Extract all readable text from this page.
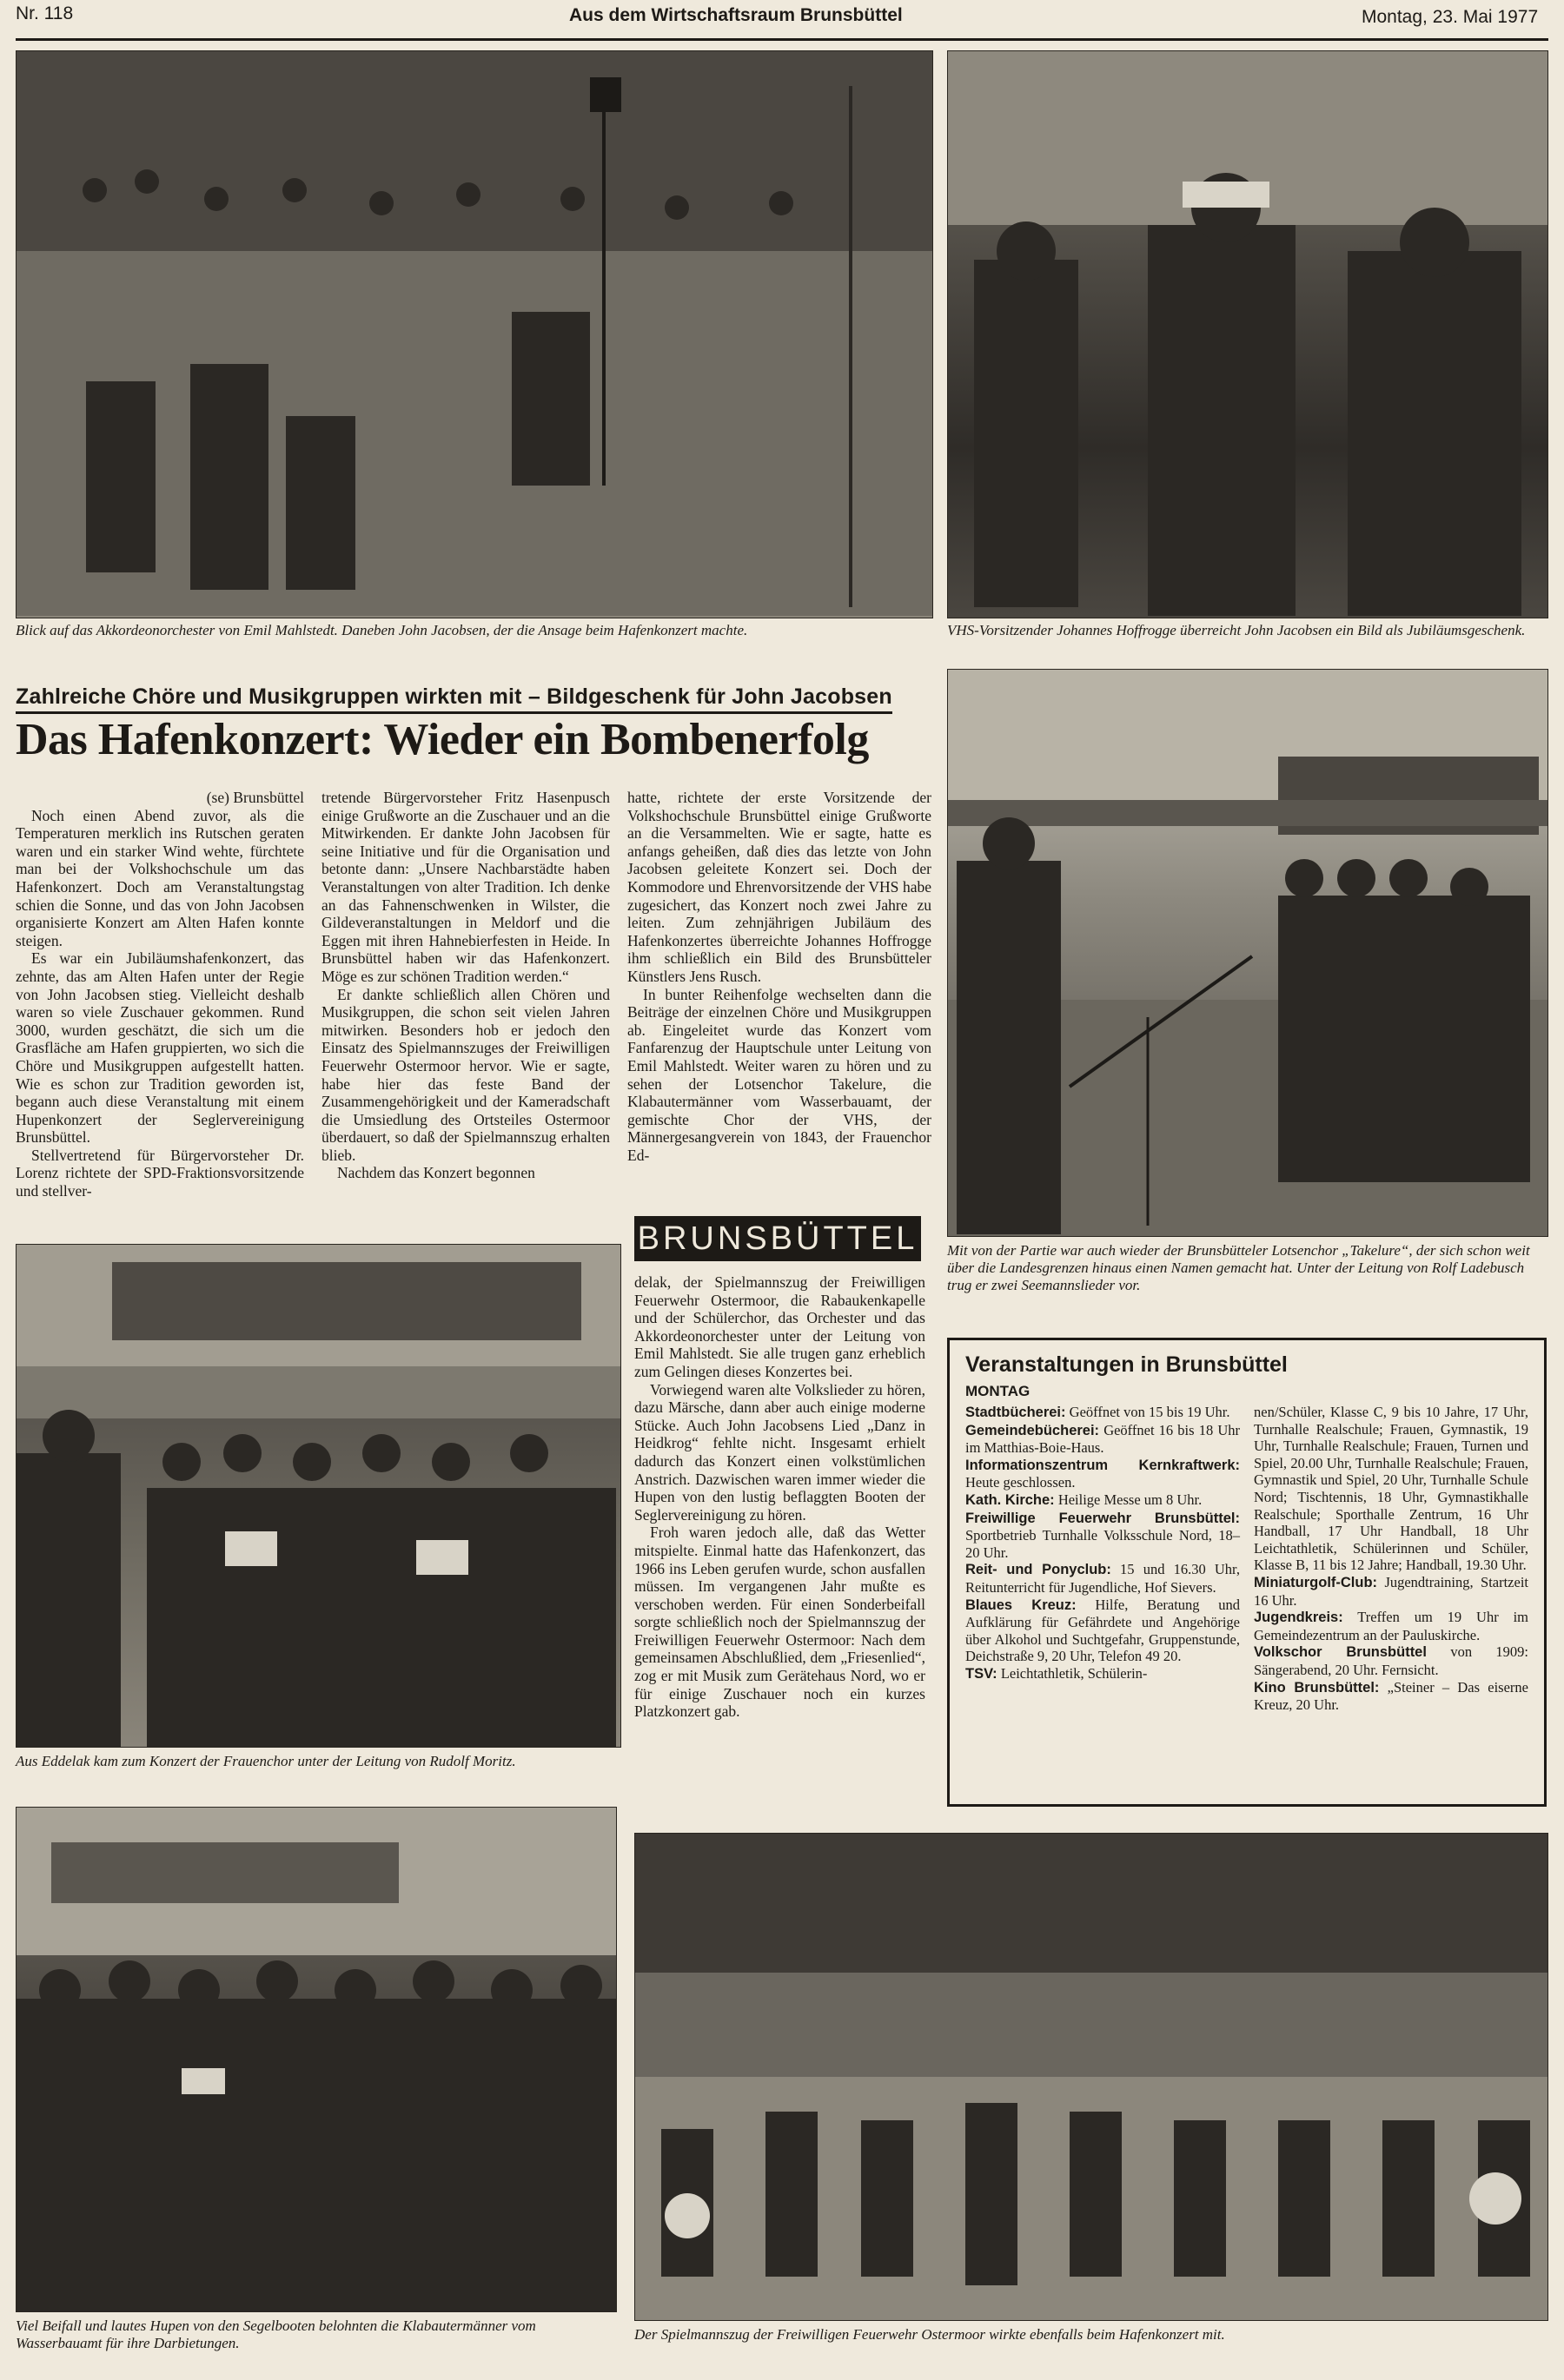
Nr. 118	Aus dem Wirtschaftsraum Brunsbüttel	Montag, 23. Mai 1977
Blick auf das Akkordeonorchester von Emil Mahlstedt. Daneben John Jacobsen, der die Ansage beim Hafenkonzert machte.	VHS-Vorsitzender Johannes Hoffrogge überreicht John Jacobsen ein Bild als Jubiläumsgeschenk.
Zahlreiche Chöre und Musikgruppen wirkten mit – Bildgeschenk für John Jacobsen
Das Hafenkonzert: Wieder ein Bombenerfolg
Mit von der Partie war auch wieder der Brunsbütteler Lotsenchor „Takelure“, der sich schon weit über die Landesgrenzen hinaus einen Namen gemacht hat. Unter der Leitung von Rolf Ladebusch trug er zwei Seemannslieder vor.

(se) Brunsbüttel

Noch einen Abend zuvor, als die Temperaturen merklich ins Rutschen geraten waren und ein starker Wind wehte, fürchtete man bei der Volkshochschule um das Hafenkonzert. Doch am Veranstaltungstag schien die Sonne, und das von John Jacobsen organisierte Konzert am Alten Hafen konnte steigen.

Es war ein Jubiläumshafenkonzert, das zehnte, das am Alten Hafen unter der Regie von John Jacobsen stieg. Vielleicht deshalb waren so viele Zuschauer gekommen. Rund 3000, wurden geschätzt, die sich um die Grasfläche am Hafen gruppierten, wo sich die Chöre und Musikgruppen aufgestellt hatten. Wie es schon zur Tradition geworden ist, begann auch diese Veranstaltung mit einem Hupenkonzert der Seglervereinigung Brunsbüttel.

Stellvertretend für Bürgervorsteher Dr. Lorenz richtete der SPD-Fraktionsvorsitzende und stellver-

tretende Bürgervorsteher Fritz Hasenpusch einige Grußworte an die Zuschauer und an die Mitwirkenden. Er dankte John Jacobsen für seine Initiative und für die Organisation und betonte dann: „Unsere Nachbarstädte haben Veranstaltungen von alter Tradition. Ich denke an das Fahnenschwenken in Wilster, die Gildeveranstaltungen in Meldorf und die Eggen mit ihren Hahnebierfesten in Heide. In Brunsbüttel haben wir das Hafenkonzert. Möge es zur schönen Tradition werden.“

Er dankte schließlich allen Chören und Musikgruppen, die schon seit vielen Jahren mitwirken. Besonders hob er jedoch den Einsatz des Spielmannszuges der Freiwilligen Feuerwehr Ostermoor hervor. Wie er sagte, habe hier das feste Band der Zusammengehörigkeit und der Kameradschaft die Umsiedlung des Ortsteiles Ostermoor überdauert, so daß der Spielmannszug erhalten blieb.

Nachdem das Konzert begonnen

hatte, richtete der erste Vorsitzende der Volkshochschule Brunsbüttel einige Grußworte an die Versammelten. Wie er sagte, hatte es anfangs geheißen, daß dies das letzte von John Jacobsen geleitete Konzert sei. Doch der Kommodore und Ehrenvorsitzende der VHS habe zugesichert, das Konzert noch zwei Jahre zu leiten. Zum zehnjährigen Jubiläum des Hafenkonzertes überreichte Johannes Hoffrogge ihm schließlich ein Bild des Brunsbütteler Künstlers Jens Rusch.

In bunter Reihenfolge wechselten dann die Beiträge der einzelnen Chöre und Musikgruppen ab. Eingeleitet wurde das Konzert vom Fanfarenzug der Hauptschule unter Leitung von Emil Mahlstedt. Weiter waren zu hören und zu sehen der Lotsenchor Takelure, die Klabautermänner vom Wasserbauamt, der gemischte Chor der VHS, der Männergesangverein von 1843, der Frauenchor Ed-

BRUNSBÜTTEL

delak, der Spielmannszug der Freiwilligen Feuerwehr Ostermoor, die Rabaukenkapelle und der Schülerchor, das Orchester und das Akkordeonorchester unter der Leitung von Emil Mahlstedt. Sie alle trugen ganz erheblich zum Gelingen dieses Konzertes bei.

Vorwiegend waren alte Volkslieder zu hören, dazu Märsche, dann aber auch einige moderne Stücke. Auch John Jacobsens Lied „Danz in Heidkrog“ fehlte nicht. Insgesamt erhielt dadurch das Konzert einen volkstümlichen Anstrich. Dazwischen waren immer wieder die Hupen von den lustig beflaggten Booten der Seglervereinigung zu hören.

Froh waren jedoch alle, daß das Wetter mitspielte. Einmal hatte das Hafenkonzert, das 1966 ins Leben gerufen wurde, schon ausfallen müssen. Im vergangenen Jahr mußte es verschoben werden. Für einen Sonderbeifall sorgte schließlich noch der Spielmannszug der Freiwilligen Feuerwehr Ostermoor: Nach dem gemeinsamen Abschlußlied, dem „Friesenlied“, zog er mit Musik zum Gerätehaus Nord, wo er für einige Zuschauer noch ein kurzes Platzkonzert gab.

Aus Eddelak kam zum Konzert der Frauenchor unter der Leitung von Rudolf Moritz.
Veranstaltungen in Brunsbüttel
MONTAG

Stadtbücherei: Geöffnet von 15 bis 19 Uhr.

Gemeindebücherei: Geöffnet 16 bis 18 Uhr im Matthias-Boie-Haus.

Informationszentrum Kernkraftwerk: Heute geschlossen.

Kath. Kirche: Heilige Messe um 8 Uhr.

Freiwillige Feuerwehr Brunsbüttel: Sportbetrieb Turnhalle Volksschule Nord, 18–20 Uhr.

Reit- und Ponyclub: 15 und 16.30 Uhr, Reitunterricht für Jugendliche, Hof Sievers.

Blaues Kreuz: Hilfe, Beratung und Aufklärung für Gefährdete und Angehörige über Alkohol und Suchtgefahr, Gruppenstunde, Deichstraße 9, 20 Uhr, Telefon 49 20.

TSV: Leichtathletik, Schülerin-

nen/Schüler, Klasse C, 9 bis 10 Jahre, 17 Uhr, Turnhalle Realschule; Frauen, Gymnastik, 19 Uhr, Turnhalle Realschule; Frauen, Turnen und Spiel, 20.00 Uhr, Turnhalle Realschule; Frauen, Gymnastik und Spiel, 20 Uhr, Turnhalle Schule Nord; Tischtennis, 18 Uhr, Gymnastikhalle Realschule; Sporthalle Zentrum, 16 Uhr Handball, 17 Uhr Handball, 18 Uhr Leichtathletik, Schülerinnen und Schüler, Klasse B, 11 bis 12 Jahre; Handball, 19.30 Uhr.

Miniaturgolf-Club: Jugendtraining, Startzeit 16 Uhr.

Jugendkreis: Treffen um 19 Uhr im Gemeindezentrum an der Pauluskirche.

Volkschor Brunsbüttel von 1909: Sängerabend, 20 Uhr. Fernsicht.

Kino Brunsbüttel: „Steiner – Das eiserne Kreuz, 20 Uhr.

Viel Beifall und lautes Hupen von den Segelbooten belohnten die Klabautermänner vom Wasserbauamt für ihre Darbietungen.
Der Spielmannszug der Freiwilligen Feuerwehr Ostermoor wirkte ebenfalls beim Hafenkonzert mit.
